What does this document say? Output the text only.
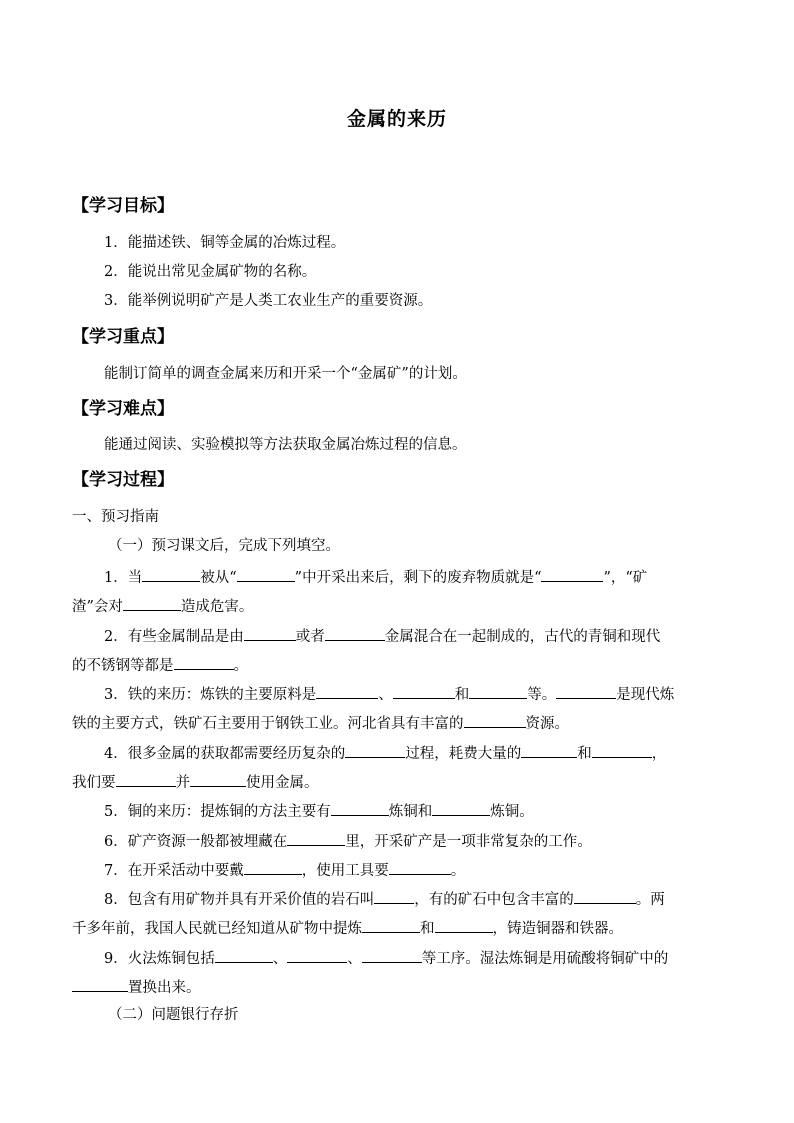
金属的来历
【学习目标】
1．能描述铁、铜等金属的冶炼过程。
2．能说出常见金属矿物的名称。
3．能举例说明矿产是人类工农业生产的重要资源。
【学习重点】
能制订简单的调查金属来历和开采一个“金属矿”的计划。
【学习难点】
能通过阅读、实验模拟等方法获取金属冶炼过程的信息。
【学习过程】
一、预习指南
（一）预习课文后，完成下列填空。
1．当	被从“	”中开采出来后，剩下的废弃物质就是“	”，“矿
渣”会对	造成危害。
2．有些金属制品是由	或者	金属混合在一起制成的，古代的青铜和现代
的不锈钢等都是	。
3．铁的来历：炼铁的主要原料是	、	和	等。	是现代炼
铁的主要方式，铁矿石主要用于钢铁工业。河北省具有丰富的	资源。
4．很多金属的获取都需要经历复杂的	过程，耗费大量的	和	，
我们要	并	使用金属。
5．铜的来历：提炼铜的方法主要有	炼铜和	炼铜。
6．矿产资源一般都被埋藏在	里，开采矿产是一项非常复杂的工作。
7．在开采活动中要戴	，使用工具要	。
8．包含有用矿物并具有开采价值的岩石叫	，有的矿石中包含丰富的	。两
千多年前，我国人民就已经知道从矿物中提炼	和	，铸造铜器和铁器。
9．火法炼铜包括	、	、	等工序。湿法炼铜是用硫酸将铜矿中的
置换出来。
（二）问题银行存折
